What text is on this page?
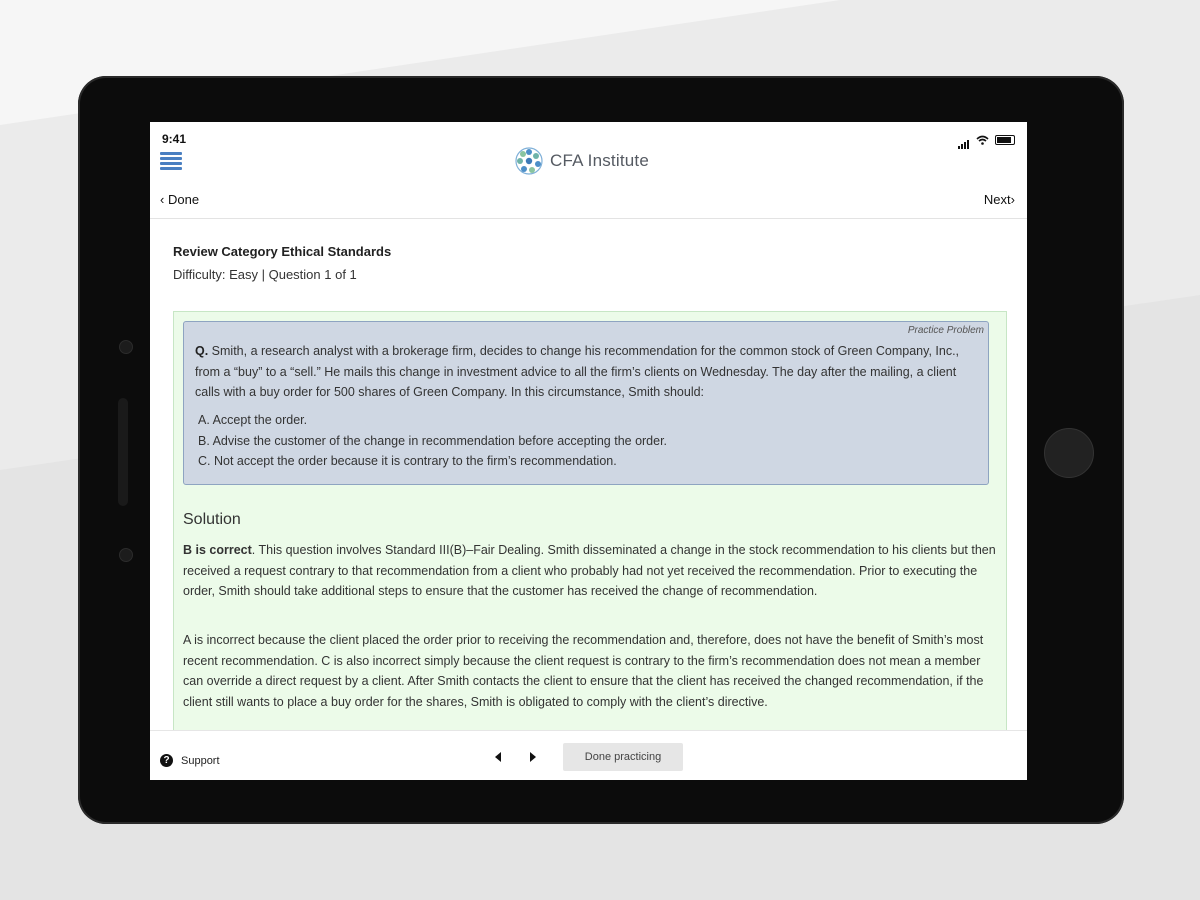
9:41
CFA Institute
‹ Done	Next›
Review Category Ethical Standards
Difficulty: Easy | Question 1 of 1
Practice Problem
Q. Smith, a research analyst with a brokerage firm, decides to change his recommendation for the common stock of Green Company, Inc., from a “buy” to a “sell.” He mails this change in investment advice to all the firm’s clients on Wednesday. The day after the mailing, a client calls with a buy order for 500 shares of Green Company. In this circumstance, Smith should:
A. Accept the order.
B. Advise the customer of the change in recommendation before accepting the order.
C. Not accept the order because it is contrary to the firm’s recommendation.
Solution
B is correct. This question involves Standard III(B)–Fair Dealing. Smith disseminated a change in the stock recommendation to his clients but then received a request contrary to that recommendation from a client who probably had not yet received the recommendation. Prior to executing the order, Smith should take additional steps to ensure that the customer has received the change of recommendation.
A is incorrect because the client placed the order prior to receiving the recommendation and, therefore, does not have the benefit of Smith’s most recent recommendation. C is also incorrect simply because the client request is contrary to the firm’s recommendation does not mean a member can override a direct request by a client. After Smith contacts the client to ensure that the client has received the changed recommendation, if the client still wants to place a buy order for the shares, Smith is obligated to comply with the client’s directive.
?	Support	Done practicing
